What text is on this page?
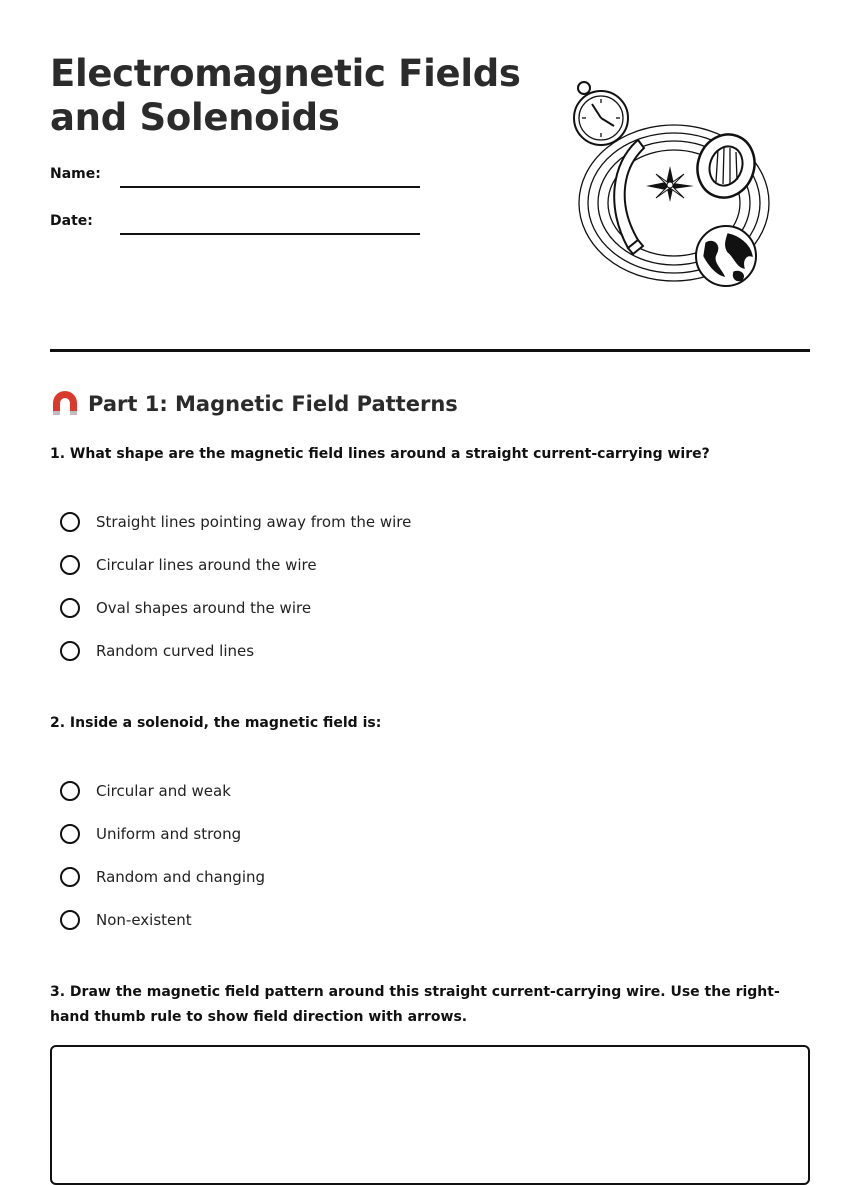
Electromagnetic Fields
and Solenoids
Name:
Date:
Part 1: Magnetic Field Patterns

1. What shape are the magnetic field lines around a straight current-carrying wire?

Straight lines pointing away from the wire
Circular lines around the wire
Oval shapes around the wire
Random curved lines

2. Inside a solenoid, the magnetic field is:

Circular and weak
Uniform and strong
Random and changing
Non-existent

3. Draw the magnetic field pattern around this straight current-carrying wire. Use the right-hand thumb rule to show field direction with arrows.
